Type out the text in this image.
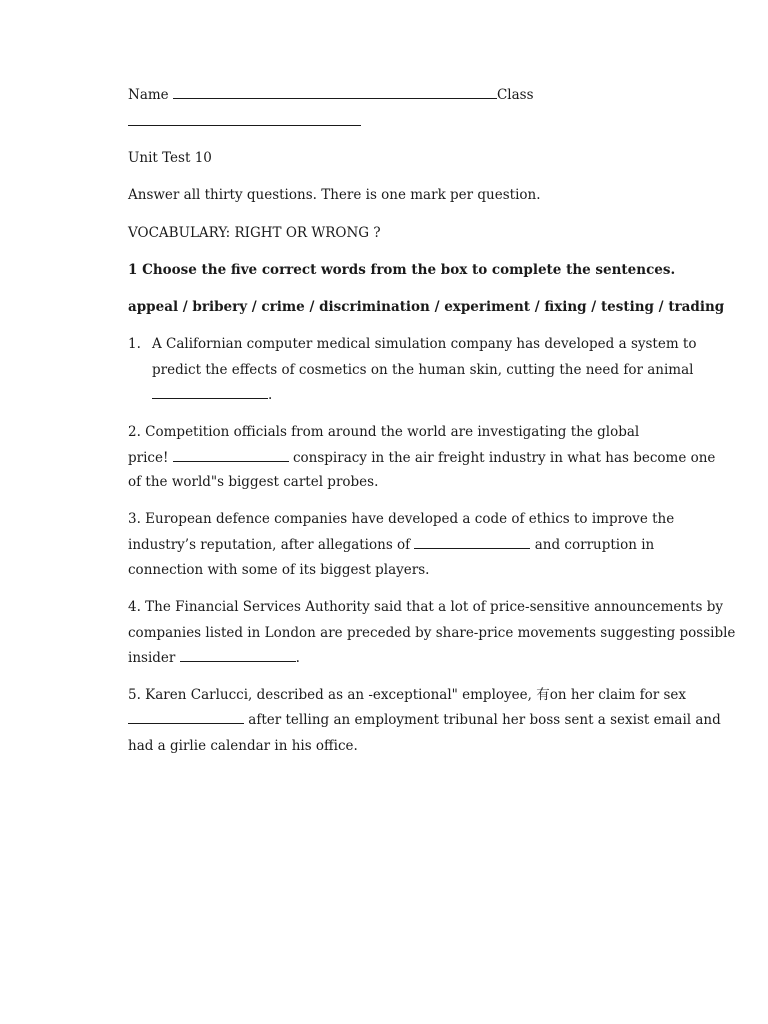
Name	Class
Unit Test 10
Answer all thirty questions. There is one mark per question.
VOCABULARY: RIGHT OR WRONG ?
1 Choose the five correct words from the box to complete the sentences.
appeal / bribery / crime / discrimination / experiment / fixing / testing / trading
1. A Californian computer medical simulation company has developed a system to
predict the effects of cosmetics on the human skin, cutting the need for animal
.
2. Competition officials from around the world are investigating the global
price!	conspiracy in the air freight industry in what has become one
of the world"s biggest cartel probes.
3. European defence companies have developed a code of ethics to improve the
industry’s reputation, after allegations of	and corruption in
connection with some of its biggest players.
4. The Financial Services Authority said that a lot of price-sensitive announcements by
companies listed in London are preceded by share-price movements suggesting possible
insider	.
5. Karen Carlucci, described as an -exceptional" employee, 有on her claim for sex
after telling an employment tribunal her boss sent a sexist email and
had a girlie calendar in his office.
